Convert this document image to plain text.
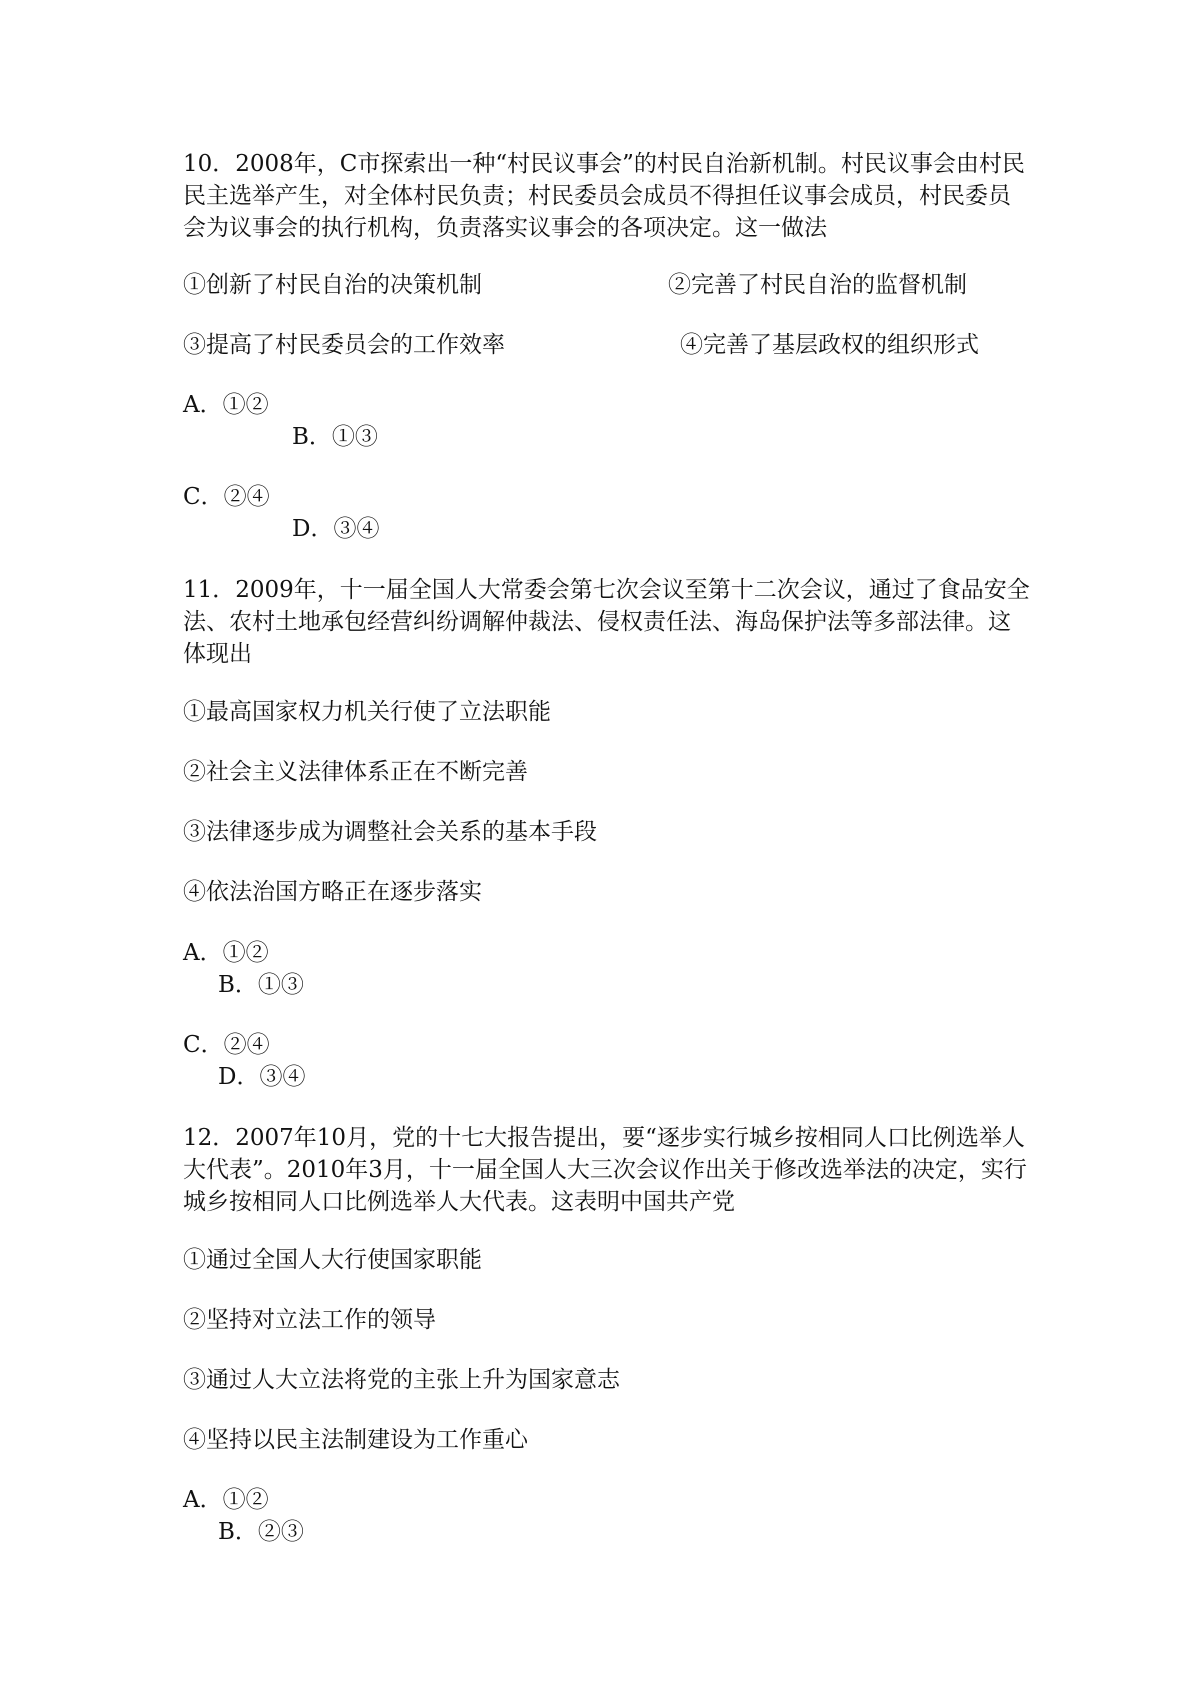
10．2008年，C市探索出一种“村民议事会”的村民自治新机制。村民议事会由村民民主选举产生，对全体村民负责；村民委员会成员不得担任议事会成员，村民委员会为议事会的执行机构，负责落实议事会的各项决定。这一做法
①创新了村民自治的决策机制	②完善了村民自治的监督机制
③提高了村民委员会的工作效率	④完善了基层政权的组织形式
A．①②
B．①③
C．②④
D．③④
11．2009年，十一届全国人大常委会第七次会议至第十二次会议，通过了食品安全法、农村土地承包经营纠纷调解仲裁法、侵权责任法、海岛保护法等多部法律。这体现出
①最高国家权力机关行使了立法职能
②社会主义法律体系正在不断完善
③法律逐步成为调整社会关系的基本手段
④依法治国方略正在逐步落实
A．①②
B．①③
C．②④
D．③④
12．2007年10月，党的十七大报告提出，要“逐步实行城乡按相同人口比例选举人大代表”。2010年3月，十一届全国人大三次会议作出关于修改选举法的决定，实行城乡按相同人口比例选举人大代表。这表明中国共产党
①通过全国人大行使国家职能
②坚持对立法工作的领导
③通过人大立法将党的主张上升为国家意志
④坚持以民主法制建设为工作重心
A．①②
B．②③
